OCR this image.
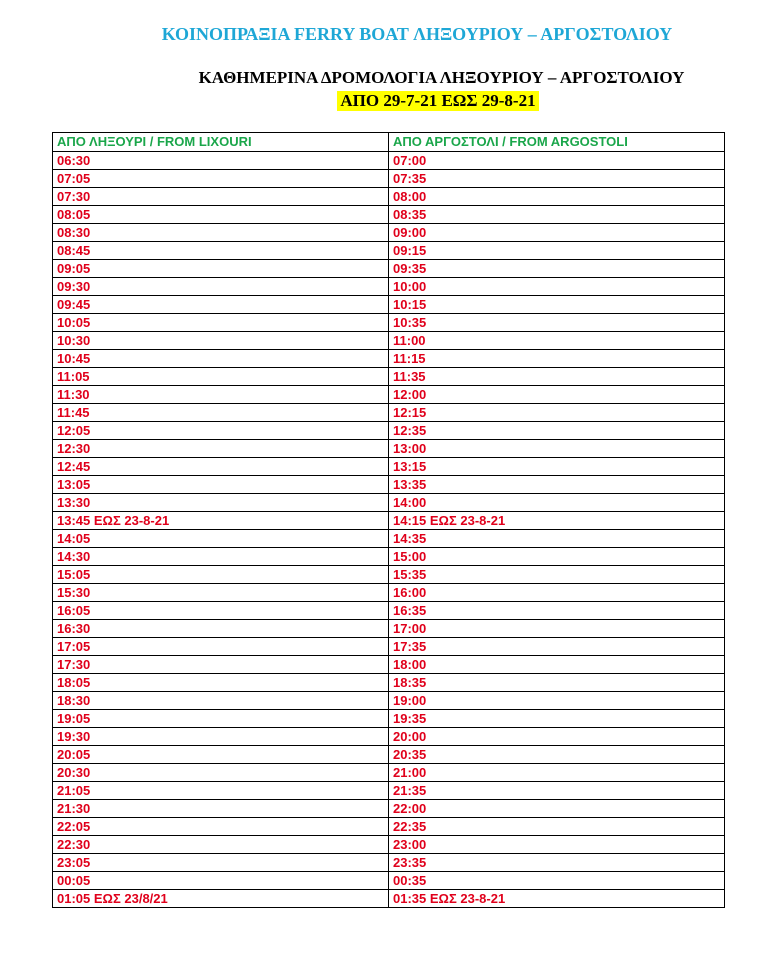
ΚΟΙΝΟΠΡΑΞΙΑ FERRY BOAT ΛΗΞΟΥΡΙΟΥ – ΑΡΓΟΣΤΟΛΙΟΥ
ΚΑΘΗΜΕΡΙΝΑ ΔΡΟΜΟΛΟΓΙΑ ΛΗΞΟΥΡΙΟΥ – ΑΡΓΟΣΤΟΛΙΟΥ
ΑΠΟ 29-7-21 ΕΩΣ 29-8-21
ΑΠΟ ΛΗΞΟΥΡΙ / FROM LIXOURI	ΑΠΟ ΑΡΓΟΣΤΟΛΙ / FROM ARGOSTOLI
06:30	07:00
07:05	07:35
07:30	08:00
08:05	08:35
08:30	09:00
08:45	09:15
09:05	09:35
09:30	10:00
09:45	10:15
10:05	10:35
10:30	11:00
10:45	11:15
11:05	11:35
11:30	12:00
11:45	12:15
12:05	12:35
12:30	13:00
12:45	13:15
13:05	13:35
13:30	14:00
13:45 ΕΩΣ 23-8-21	14:15 ΕΩΣ 23-8-21
14:05	14:35
14:30	15:00
15:05	15:35
15:30	16:00
16:05	16:35
16:30	17:00
17:05	17:35
17:30	18:00
18:05	18:35
18:30	19:00
19:05	19:35
19:30	20:00
20:05	20:35
20:30	21:00
21:05	21:35
21:30	22:00
22:05	22:35
22:30	23:00
23:05	23:35
00:05	00:35
01:05 ΕΩΣ 23/8/21	01:35 ΕΩΣ 23-8-21
